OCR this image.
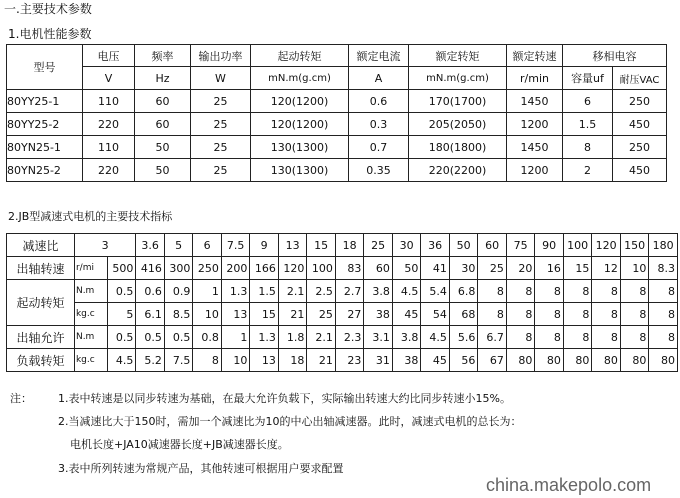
一.主要技术参数
1.电机性能参数
型号	电压	频率	输出功率	起动转矩	额定电流	额定转矩	额定转速	移相电容	
	V	Hz	W	mN.m(g.cm)	A	mN.m(g.cm)	r/min	容量uf	耐压VAC
80YY25-1	110	60	25	120(1200)	0.6	170(1700)	1450	6	250
80YY25-2	220	60	25	120(1200)	0.3	205(2050)	1200	1.5	450
80YN25-1	110	50	25	130(1300)	0.7	180(1800)	1450	8	250
80YN25-2	220	50	25	130(1300)	0.35	220(2200)	1200	2	450
2.JB型减速式电机的主要技术指标
减速比	3		3.6	5	6	7.5	9	13	15	18	25	30	36	50	60	75	90	100	120	150	180
出轴转速	r/mi	500	416	300	250	200	166	120	100	83	60	50	41	30	25	20	16	15	12	10	8.3
起动转矩	N.m	0.5	0.6	0.9	1	1.3	1.5	2.1	2.5	2.7	3.8	4.5	5.4	6.8	8	8	8	8	8	8	8
	kg.c	5	6.1	8.5	10	13	15	21	25	27	38	45	54	68	8	8	8	8	8	8	8
出轴允许	N.m	0.5	0.5	0.5	0.8	1	1.3	1.8	2.1	2.3	3.1	3.8	4.5	5.6	6.7	8	8	8	8	8	8
负载转矩	kg.c	4.5	5.2	7.5	8	10	13	18	21	23	31	38	45	56	67	80	80	80	80	80	80
注： 1.表中转速是以同步转速为基础，在最大允许负载下，实际输出转速大约比同步转速小15%。
2.当减速比大于150时，需加一个减速比为10的中心出轴减速器。此时，减速式电机的总长为：
电机长度+JA10减速器长度+JB减速器长度。
3.表中所列转速为常规产品，其他转速可根据用户要求配置
china.makepolo.com
